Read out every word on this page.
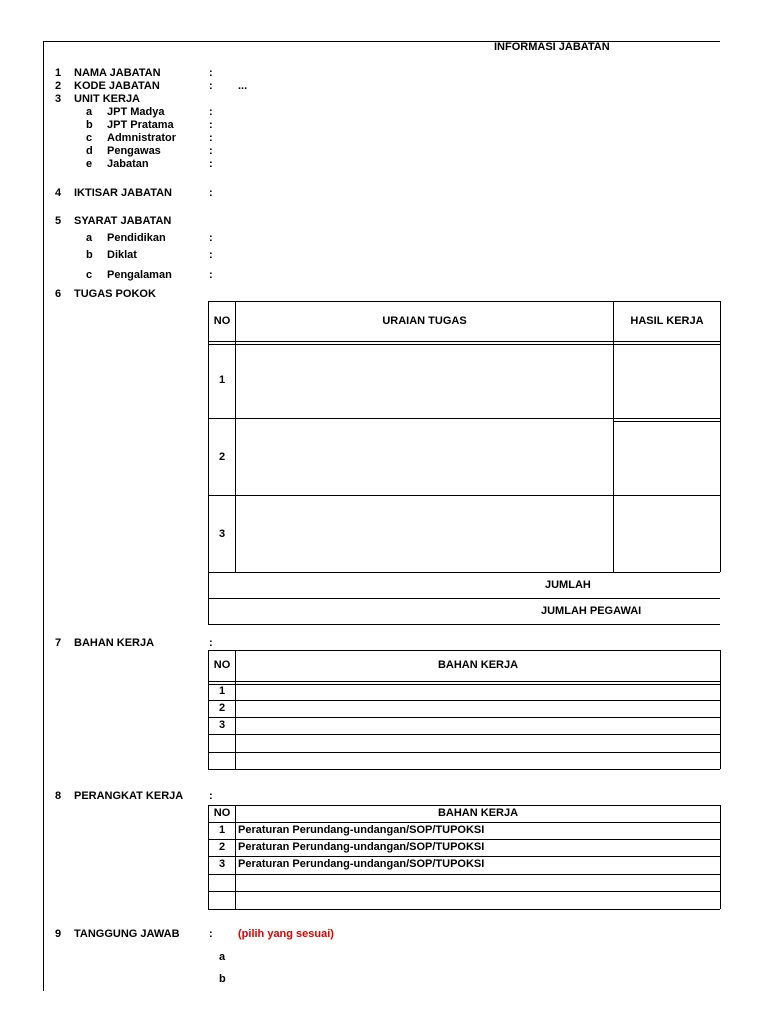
INFORMASI JABATAN
1 NAMA JABATAN	:
2 KODE JABATAN	: ...
3 UNIT KERJA
a JPT Madya	:
b JPT Pratama	:
c Admnistrator	:
d Pengawas	:
e Jabatan	:
4 IKTISAR JABATAN	:
5 SYARAT JABATAN
a Pendidikan	:
b Diklat	:
c Pengalaman	:
6 TUGAS POKOK
NO	URAIAN TUGAS	HASIL KERJA
1
2
3
JUMLAH
JUMLAH PEGAWAI
7 BAHAN KERJA	:
NO	BAHAN KERJA
1
2
3
8 PERANGKAT KERJA :
NO	BAHAN KERJA
1	Peraturan Perundang-undangan/SOP/TUPOKSI
2	Peraturan Perundang-undangan/SOP/TUPOKSI
3	Peraturan Perundang-undangan/SOP/TUPOKSI
9 TANGGUNG JAWAB	: (pilih yang sesuai)
a
b
